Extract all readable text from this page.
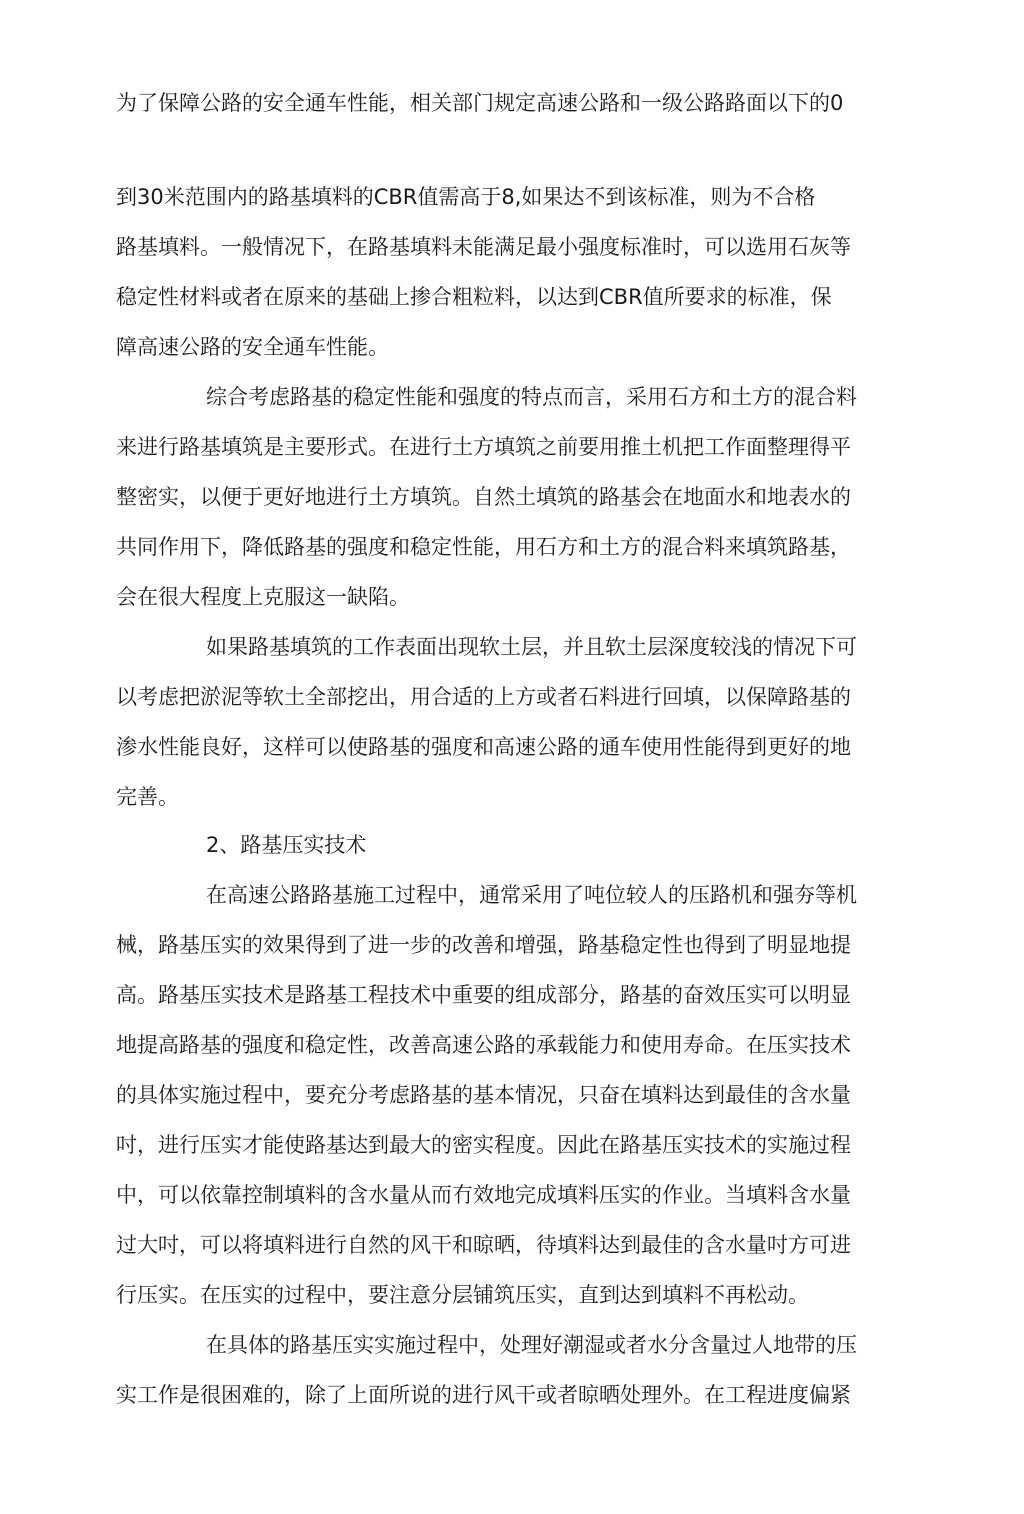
为了保障公路的安全通车性能，相关部门规定高速公路和一级公路路面以下的0
到30米范围内的路基填料的CBR值需高于8,如果达不到该标准，则为不合格
路基填料。一般情况下，在路基填料未能满足最小强度标准时，可以选用石灰等
稳定性材料或者在原来的基础上掺合粗粒料，以达到CBR值所要求的标准，保
障高速公路的安全通车性能。
综合考虑路基的稳定性能和强度的特点而言，采用石方和土方的混合料
来进行路基填筑是主要形式。在进行土方填筑之前要用推土机把工作面整理得平
整密实，以便于更好地进行土方填筑。自然土填筑的路基会在地面水和地表水的
共同作用下，降低路基的强度和稳定性能，用石方和土方的混合料来填筑路基，
会在很大程度上克服这一缺陷。
如果路基填筑的工作表面出现软土层，并且软土层深度较浅的情况下可
以考虑把淤泥等软土全部挖出，用合适的上方或者石料进行回填，以保障路基的
渗水性能良好，这样可以使路基的强度和高速公路的通车使用性能得到更好的地
完善。
2、路基压实技术
在高速公路路基施工过程中，通常采用了吨位较人的压路机和强夯等机
械，路基压实的效果得到了进一步的改善和增强，路基稳定性也得到了明显地提
高。路基压实技术是路基工程技术中重要的组成部分，路基的奋效压实可以明显
地提高路基的强度和稳定性，改善高速公路的承载能力和使用寿命。在压实技术
的具体实施过程中，要充分考虑路基的基本情况，只奋在填料达到最佳的含水量
吋，进行压实才能使路基达到最大的密实程度。因此在路基压实技术的实施过程
中，可以依靠控制填料的含水量从而冇效地完成填料压实的作业。当填料含水量
过大吋，可以将填料进行自然的风干和晾晒，待填料达到最佳的含水量吋方可进
行压实。在压实的过程中，要注意分层铺筑压实，直到达到填料不再松动。
在具体的路基压实实施过程中，处理好潮湿或者水分含量过人地带的压
实工作是很困难的，除了上面所说的进行风干或者晾晒处理外。在工程进度偏紧
